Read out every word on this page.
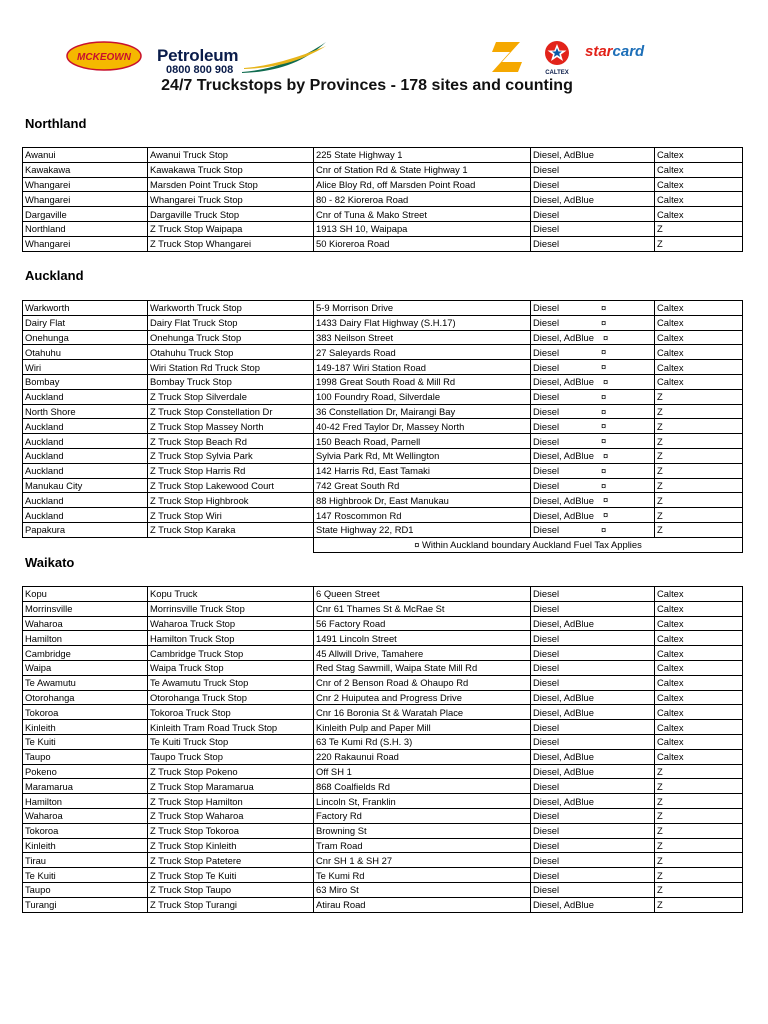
MCKEOWN Petroleum
0800 800 908	CALTEX
starcard
24/7 Truckstops by Provinces - 178 sites and counting
Northland
Awanui	Awanui Truck Stop	225 State Highway 1	Diesel, AdBlue	Caltex
Kawakawa	Kawakawa Truck Stop	Cnr of Station Rd & State Highway 1	Diesel	Caltex
Whangarei	Marsden Point Truck Stop	Alice Bloy Rd, off Marsden Point Road	Diesel	Caltex
Whangarei	Whangarei Truck Stop	80 - 82 Kioreroa Road	Diesel, AdBlue	Caltex
Dargaville	Dargaville Truck Stop	Cnr of Tuna & Mako Street	Diesel	Caltex
Northland	Z Truck Stop Waipapa	1913 SH 10, Waipapa	Diesel	Z
Whangarei	Z Truck Stop Whangarei	50 Kioreroa Road	Diesel	Z
Auckland
Warkworth	Warkworth Truck Stop	5-9 Morrison Drive	Diesel ¤	Caltex
Dairy Flat	Dairy Flat Truck Stop	1433 Dairy Flat Highway (S.H.17)	Diesel ¤	Caltex
Onehunga	Onehunga Truck Stop	383 Neilson Street	Diesel, AdBlue ¤	Caltex
Otahuhu	Otahuhu Truck Stop	27 Saleyards Road	Diesel ¤	Caltex
Wiri	Wiri Station Rd Truck Stop	149-187 Wiri Station Road	Diesel ¤	Caltex
Bombay	Bombay Truck Stop	1998 Great South Road & Mill Rd	Diesel, AdBlue ¤	Caltex
Auckland	Z Truck Stop Silverdale	100 Foundry Road, Silverdale	Diesel ¤	Z
North Shore	Z Truck Stop Constellation Dr	36 Constellation Dr, Mairangi Bay	Diesel ¤	Z
Auckland	Z Truck Stop Massey North	40-42 Fred Taylor Dr, Massey North	Diesel ¤	Z
Auckland	Z Truck Stop Beach Rd	150 Beach Road, Parnell	Diesel ¤	Z
Auckland	Z Truck Stop Sylvia Park	Sylvia Park Rd, Mt Wellington	Diesel, AdBlue ¤	Z
Auckland	Z Truck Stop Harris Rd	142 Harris Rd, East Tamaki	Diesel ¤	Z
Manukau City	Z Truck Stop Lakewood Court	742 Great South Rd	Diesel ¤	Z
Auckland	Z Truck Stop Highbrook	88 Highbrook Dr, East Manukau	Diesel, AdBlue ¤	Z
Auckland	Z Truck Stop Wiri	147 Roscommon Rd	Diesel, AdBlue ¤	Z
Papakura	Z Truck Stop Karaka	State Highway 22, RD1	Diesel ¤	Z
		¤ Within Auckland boundary Auckland Fuel Tax Applies		
Waikato
Kopu	Kopu Truck	6 Queen Street	Diesel	Caltex
Morrinsville	Morrinsville Truck Stop	Cnr 61 Thames St & McRae St	Diesel	Caltex
Waharoa	Waharoa Truck Stop	56 Factory Road	Diesel, AdBlue	Caltex
Hamilton	Hamilton Truck Stop	1491 Lincoln Street	Diesel	Caltex
Cambridge	Cambridge Truck Stop	45 Allwill Drive, Tamahere	Diesel	Caltex
Waipa	Waipa Truck Stop	Red Stag Sawmill, Waipa State Mill Rd	Diesel	Caltex
Te Awamutu	Te Awamutu Truck Stop	Cnr of 2 Benson Road & Ohaupo Rd	Diesel	Caltex
Otorohanga	Otorohanga Truck Stop	Cnr 2 Huiputea and Progress Drive	Diesel, AdBlue	Caltex
Tokoroa	Tokoroa Truck Stop	Cnr 16 Boronia St & Waratah Place	Diesel, AdBlue	Caltex
Kinleith	Kinleith Tram Road Truck Stop	Kinleith Pulp and Paper Mill	Diesel	Caltex
Te Kuiti	Te Kuiti Truck Stop	63 Te Kumi Rd (S.H. 3)	Diesel	Caltex
Taupo	Taupo Truck Stop	220 Rakaunui Road	Diesel, AdBlue	Caltex
Pokeno	Z Truck Stop Pokeno	Off SH 1	Diesel, AdBlue	Z
Maramarua	Z Truck Stop Maramarua	868 Coalfields Rd	Diesel	Z
Hamilton	Z Truck Stop Hamilton	Lincoln St, Franklin	Diesel, AdBlue	Z
Waharoa	Z Truck Stop Waharoa	Factory Rd	Diesel	Z
Tokoroa	Z Truck Stop Tokoroa	Browning St	Diesel	Z
Kinleith	Z Truck Stop Kinleith	Tram Road	Diesel	Z
Tirau	Z Truck Stop Patetere	Cnr SH 1 & SH 27	Diesel	Z
Te Kuiti	Z Truck Stop Te Kuiti	Te Kumi Rd	Diesel	Z
Taupo	Z Truck Stop Taupo	63 Miro St	Diesel	Z
Turangi	Z Truck Stop Turangi	Atirau Road	Diesel, AdBlue	Z
